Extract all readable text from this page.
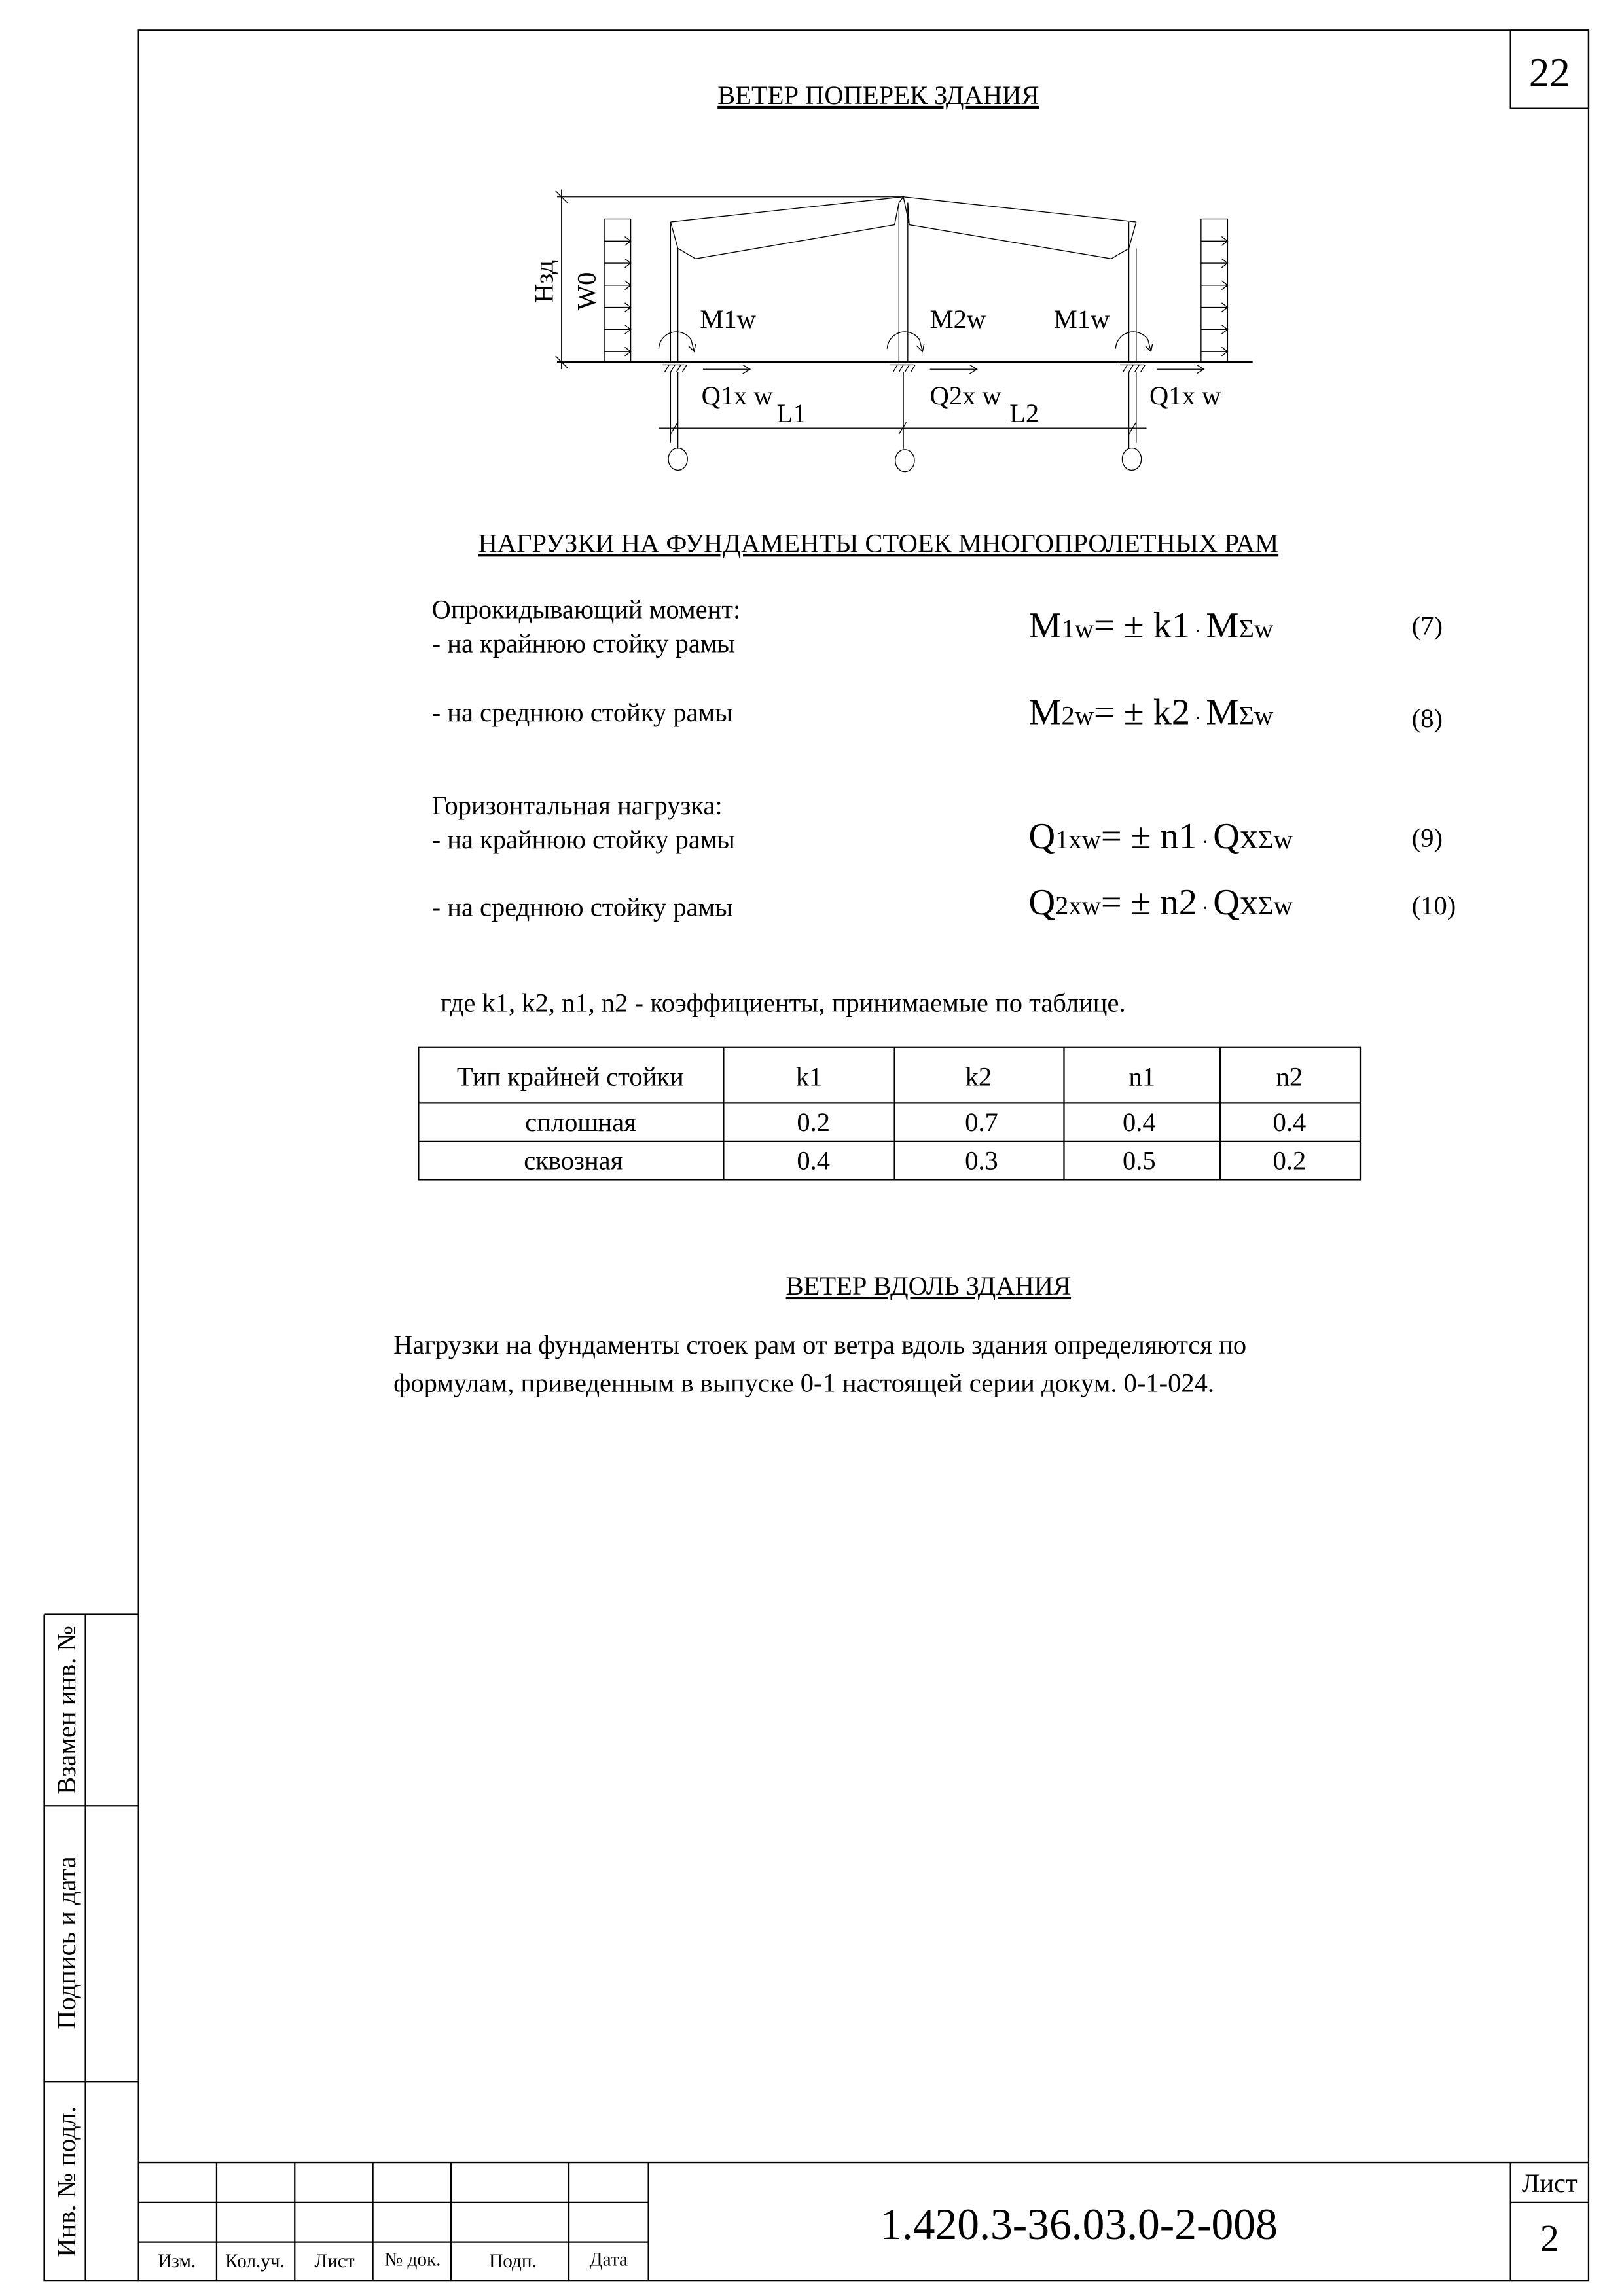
22
ВЕТЕР ПОПЕРЕК ЗДАНИЯ
Hзд W0
M1w	M2w	M1w
Q1x w
L1
Q2x w
L2
Q1x w
НАГРУЗКИ НА ФУНДАМЕНТЫ СТОЕК МНОГОПРОЛЕТНЫХ РАМ
Опрокидывающий момент:
- на крайнюю стойку рамы
- на среднюю стойку рамы
Горизонтальная нагрузка:
- на крайнюю стойку рамы
- на среднюю стойку рамы
M1w= ± k1 · MΣw	(7)
M2w= ± k2 · MΣw	(8)
Q1xw= ± n1 · QxΣw	(9)
Q2xw= ± n2 · QxΣw	(10)
где k1, k2, n1, n2 - коэффициенты, принимаемые по таблице.
Тип крайней стойки	k1	k2	n1	n2
сплошная	0.2	0.7	0.4	0.4
сквозная	0.4	0.3	0.5	0.2
ВЕТЕР ВДОЛЬ ЗДАНИЯ
Нагрузки на фундаменты стоек рам от ветра вдоль здания определяются по
формулам, приведенным в выпуске 0-1 настоящей серии докум. 0-1-024.
Взамен инв. №
Подпись и дата
Инв. № подл.
Изм.	Кол.уч.	Лист	№ док.	Подп.	Дата
1.420.3-36.03.0-2-008
Лист
2
